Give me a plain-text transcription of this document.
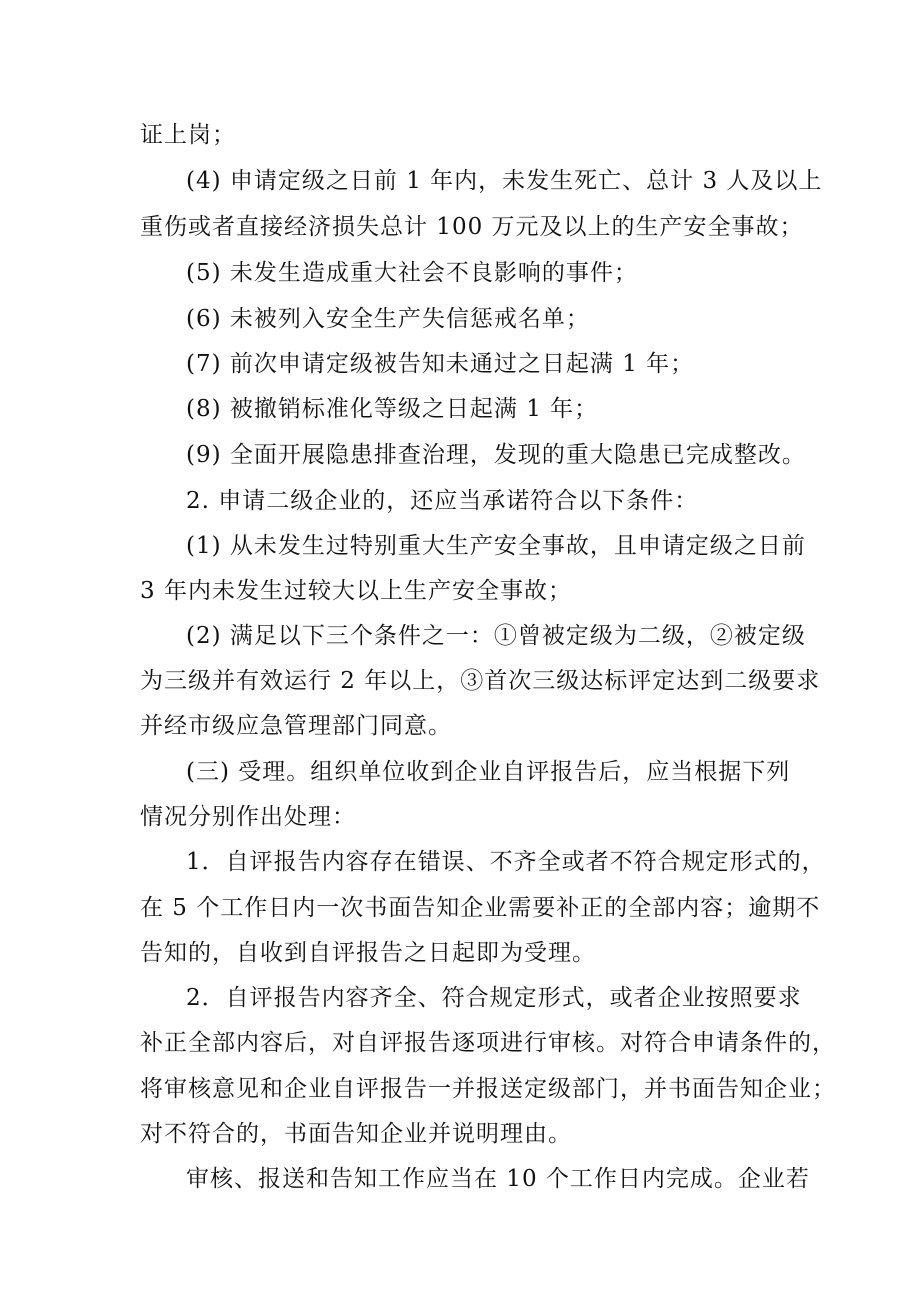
证上岗；
(4) 申请定级之日前 1 年内，未发生死亡、总计 3 人及以上
重伤或者直接经济损失总计 100 万元及以上的生产安全事故；
(5) 未发生造成重大社会不良影响的事件；
(6) 未被列入安全生产失信惩戒名单；
(7) 前次申请定级被告知未通过之日起满 1 年；
(8) 被撤销标准化等级之日起满 1 年；
(9) 全面开展隐患排查治理，发现的重大隐患已完成整改。
2. 申请二级企业的，还应当承诺符合以下条件：
(1) 从未发生过特别重大生产安全事故，且申请定级之日前
3 年内未发生过较大以上生产安全事故；
(2) 满足以下三个条件之一：①曾被定级为二级，②被定级
为三级并有效运行 2 年以上，③首次三级达标评定达到二级要求
并经市级应急管理部门同意。
(三) 受理。组织单位收到企业自评报告后，应当根据下列
情况分别作出处理：
1．自评报告内容存在错误、不齐全或者不符合规定形式的，
在 5 个工作日内一次书面告知企业需要补正的全部内容；逾期不
告知的，自收到自评报告之日起即为受理。
2．自评报告内容齐全、符合规定形式，或者企业按照要求
补正全部内容后，对自评报告逐项进行审核。对符合申请条件的，
将审核意见和企业自评报告一并报送定级部门，并书面告知企业；
对不符合的，书面告知企业并说明理由。
审核、报送和告知工作应当在 10 个工作日内完成。企业若
